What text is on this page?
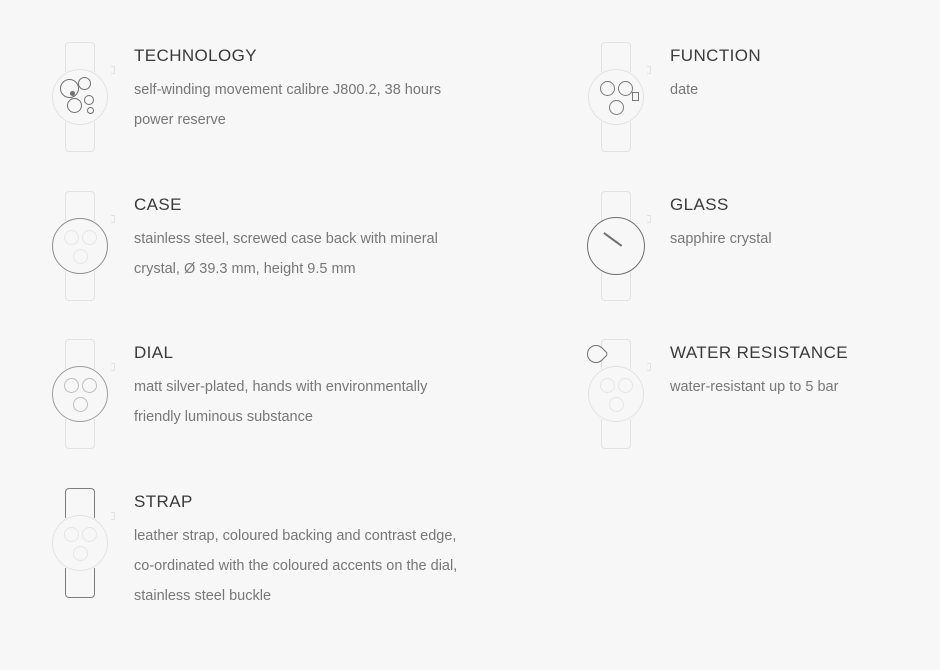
TECHNOLOGY

self-winding movement calibre J800.2, 38 hours power reserve

FUNCTION

date

CASE

stainless steel, screwed case back with mineral crystal, Ø 39.3 mm, height 9.5 mm

GLASS

sapphire crystal

DIAL

matt silver-plated, hands with environmentally friendly luminous substance

WATER RESISTANCE

water-resistant up to 5 bar

STRAP

leather strap, coloured backing and contrast edge, co-ordinated with the coloured accents on the dial, stainless steel buckle
